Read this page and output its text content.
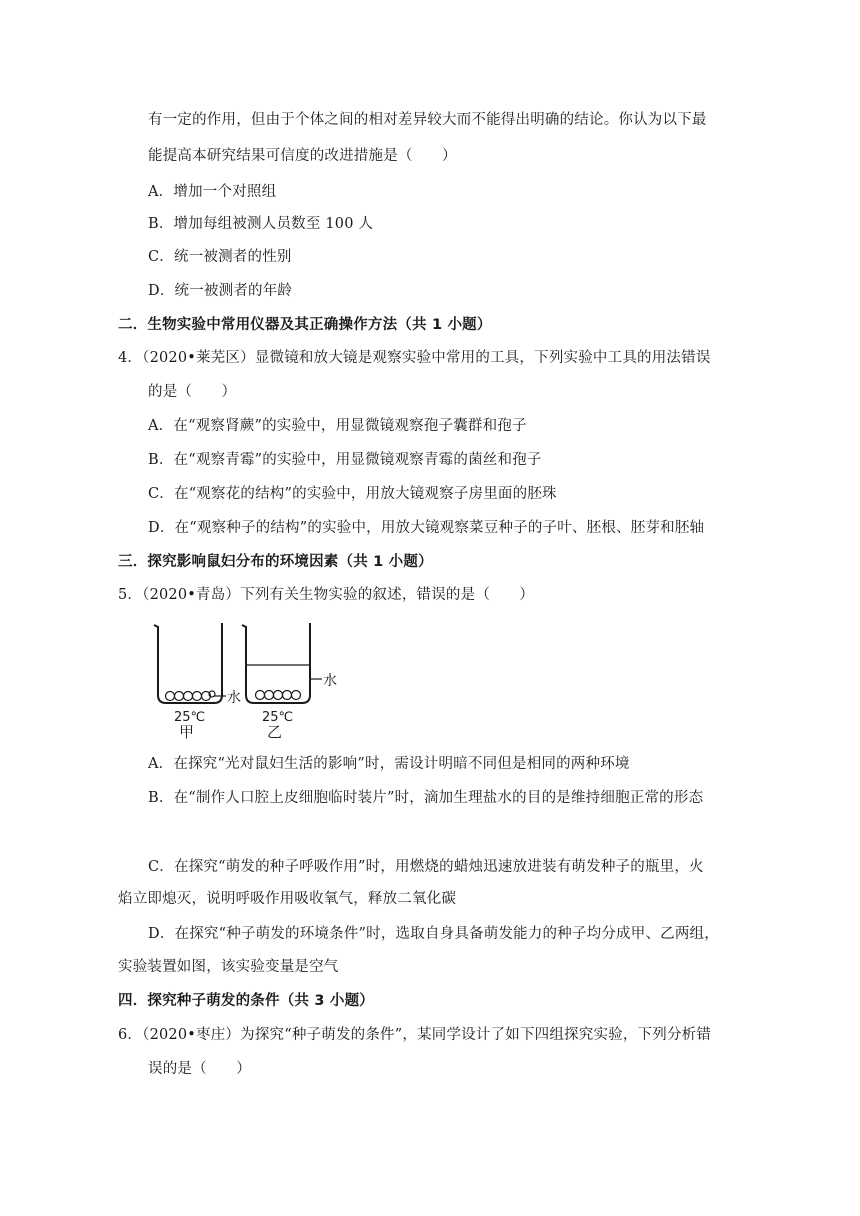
有一定的作用，但由于个体之间的相对差异较大而不能得出明确的结论。你认为以下最
能提高本研究结果可信度的改进措施是（　　）
A．增加一个对照组
B．增加每组被测人员数至 100 人
C．统一被测者的性别
D．统一被测者的年龄
二．生物实验中常用仪器及其正确操作方法（共 1 小题）
4．（2020•莱芜区）显微镜和放大镜是观察实验中常用的工具，下列实验中工具的用法错误
的是（　　）
A．在“观察肾蕨”的实验中，用显微镜观察孢子囊群和孢子
B．在“观察青霉”的实验中，用显微镜观察青霉的菌丝和孢子
C．在“观察花的结构”的实验中，用放大镜观察子房里面的胚珠
D．在“观察种子的结构”的实验中，用放大镜观察菜豆种子的子叶、胚根、胚芽和胚轴
三．探究影响鼠妇分布的环境因素（共 1 小题）
5．（2020•青岛）下列有关生物实验的叙述，错误的是（　　）
水
25℃
甲
水
25℃
乙
A．在探究“光对鼠妇生活的影响”时，需设计明暗不同但是相同的两种环境
B．在“制作人口腔上皮细胞临时装片”时，滴加生理盐水的目的是维持细胞正常的形态
C．在探究“萌发的种子呼吸作用”时，用燃烧的蜡烛迅速放进装有萌发种子的瓶里，火
焰立即熄灭，说明呼吸作用吸收氧气，释放二氧化碳
D．在探究“种子萌发的环境条件”时，选取自身具备萌发能力的种子均分成甲、乙两组，
实验装置如图，该实验变量是空气
四．探究种子萌发的条件（共 3 小题）
6．（2020•枣庄）为探究“种子萌发的条件”，某同学设计了如下四组探究实验，下列分析错
误的是（　　）
